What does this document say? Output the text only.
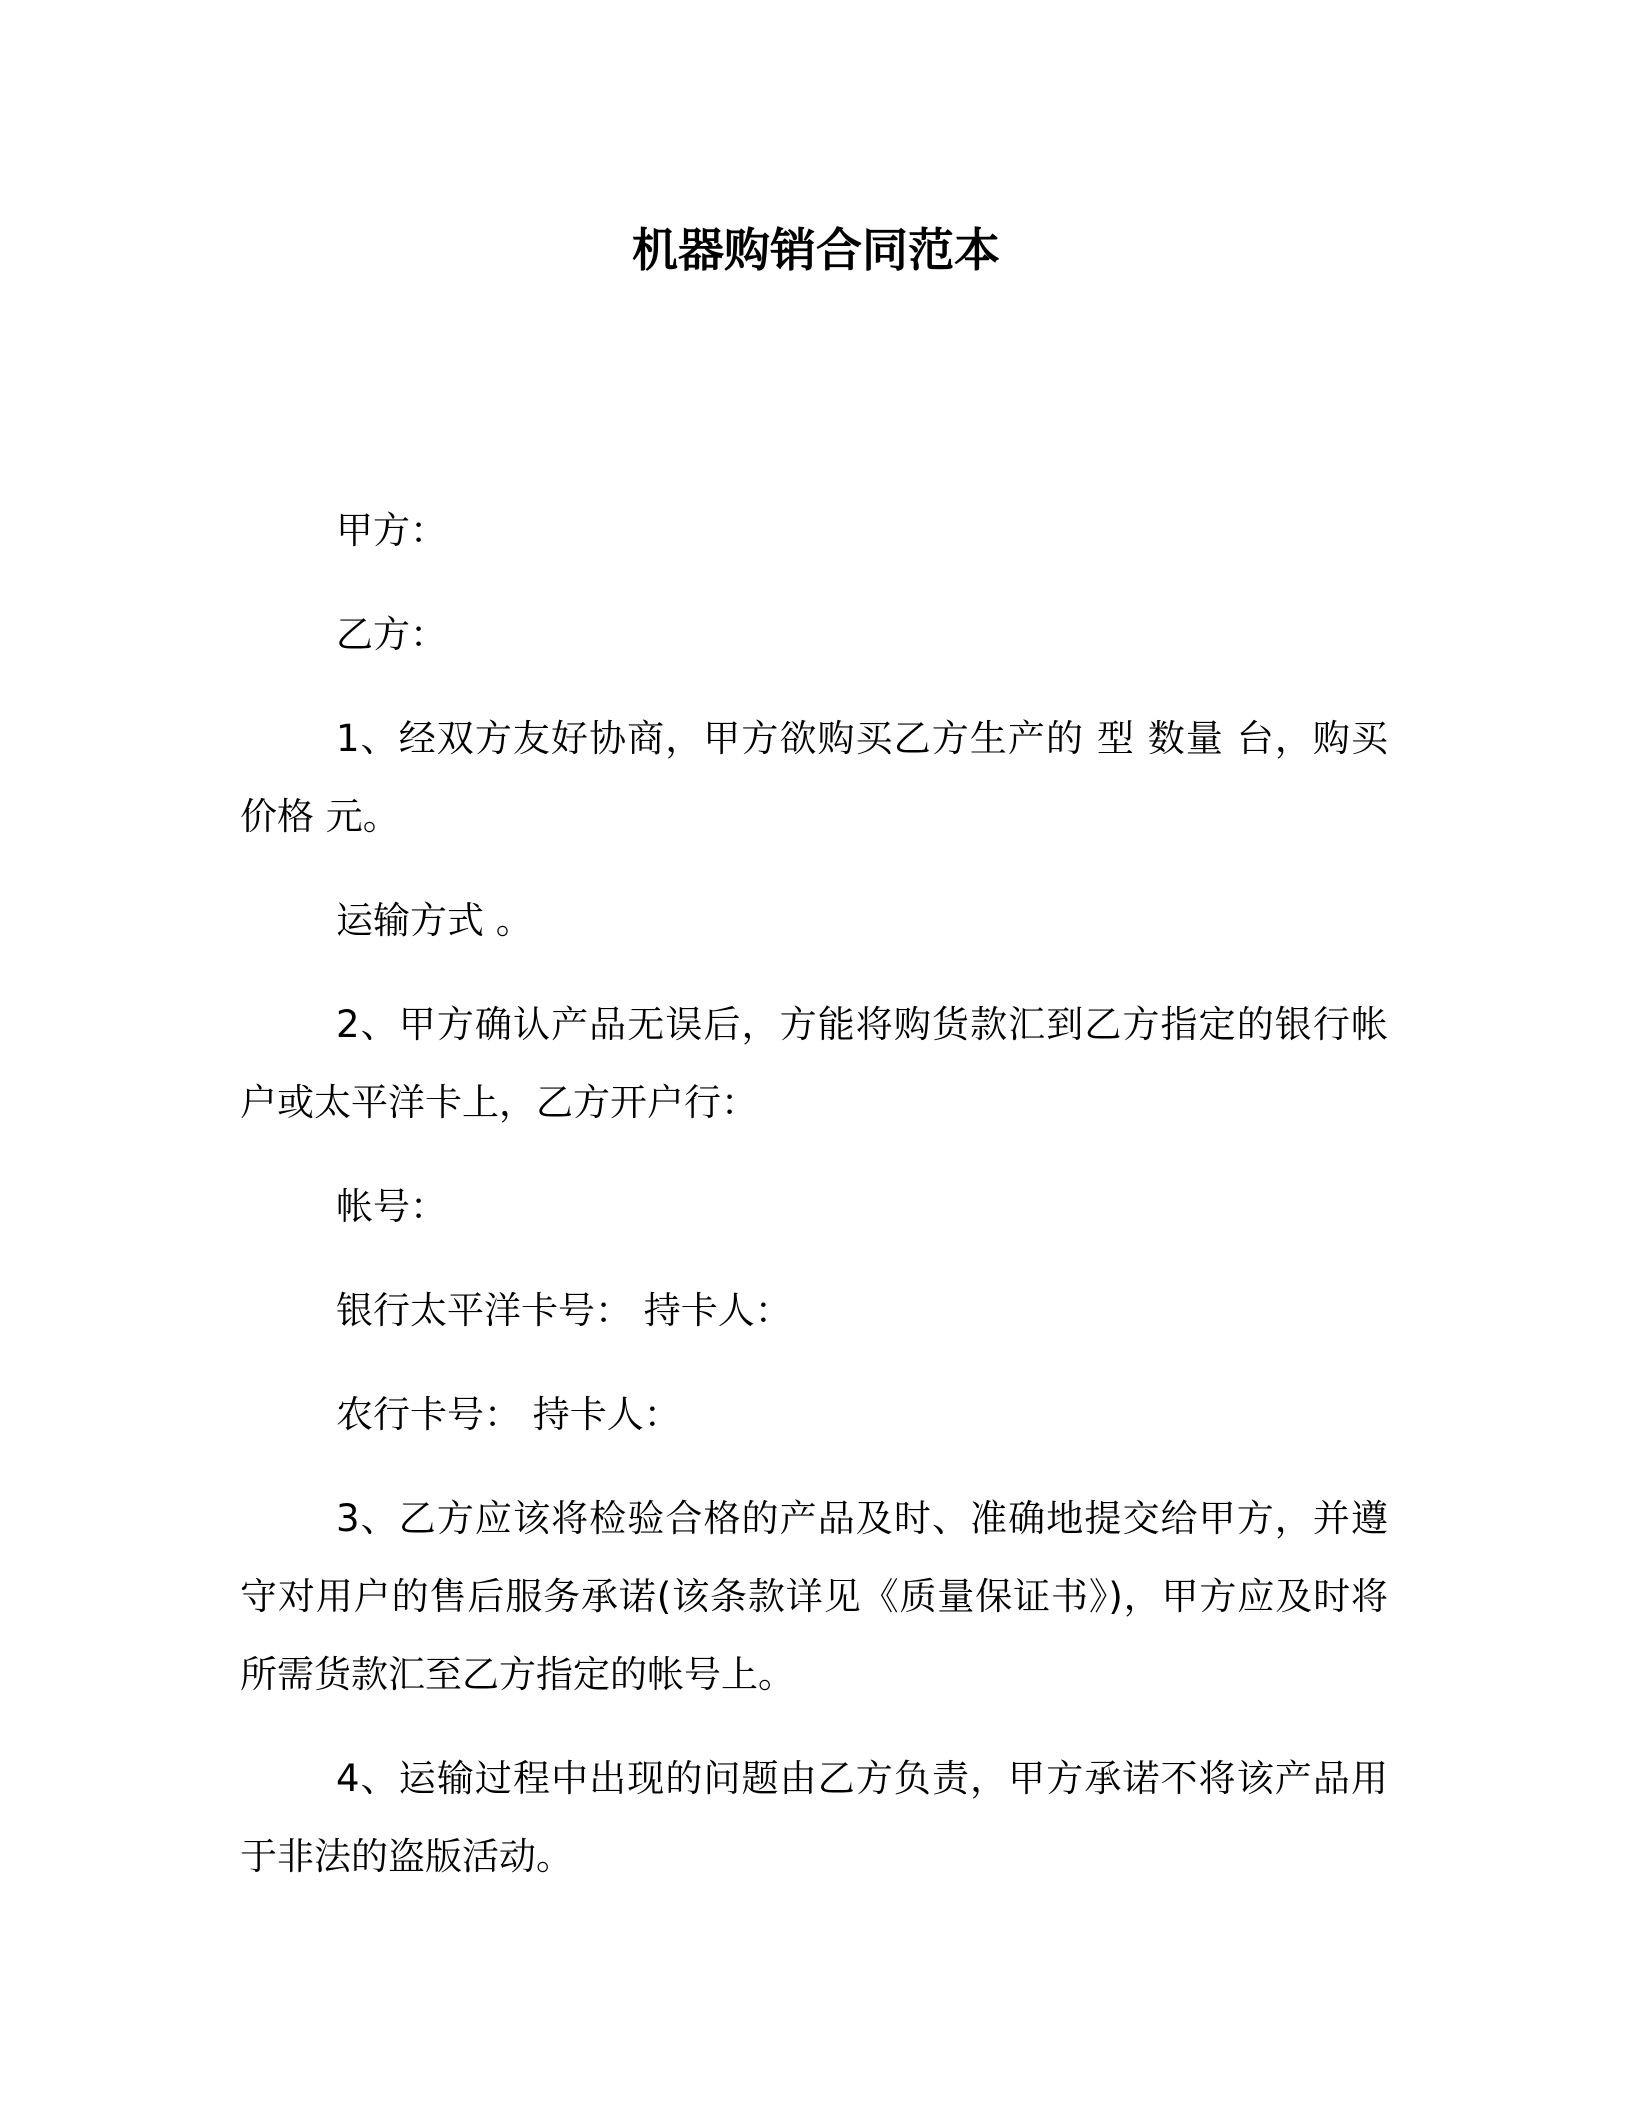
机器购销合同范本

甲方：

乙方：

1、经双方友好协商，甲方欲购买乙方生产的 型 数量 台，购买价格 元。

运输方式 。

2、甲方确认产品无误后，方能将购货款汇到乙方指定的银行帐户或太平洋卡上，乙方开户行：

帐号：

银行太平洋卡号： 持卡人：

农行卡号： 持卡人：

3、乙方应该将检验合格的产品及时、准确地提交给甲方，并遵守对用户的售后服务承诺(该条款详见《质量保证书》)，甲方应及时将所需货款汇至乙方指定的帐号上。

4、运输过程中出现的问题由乙方负责，甲方承诺不将该产品用于非法的盗版活动。
